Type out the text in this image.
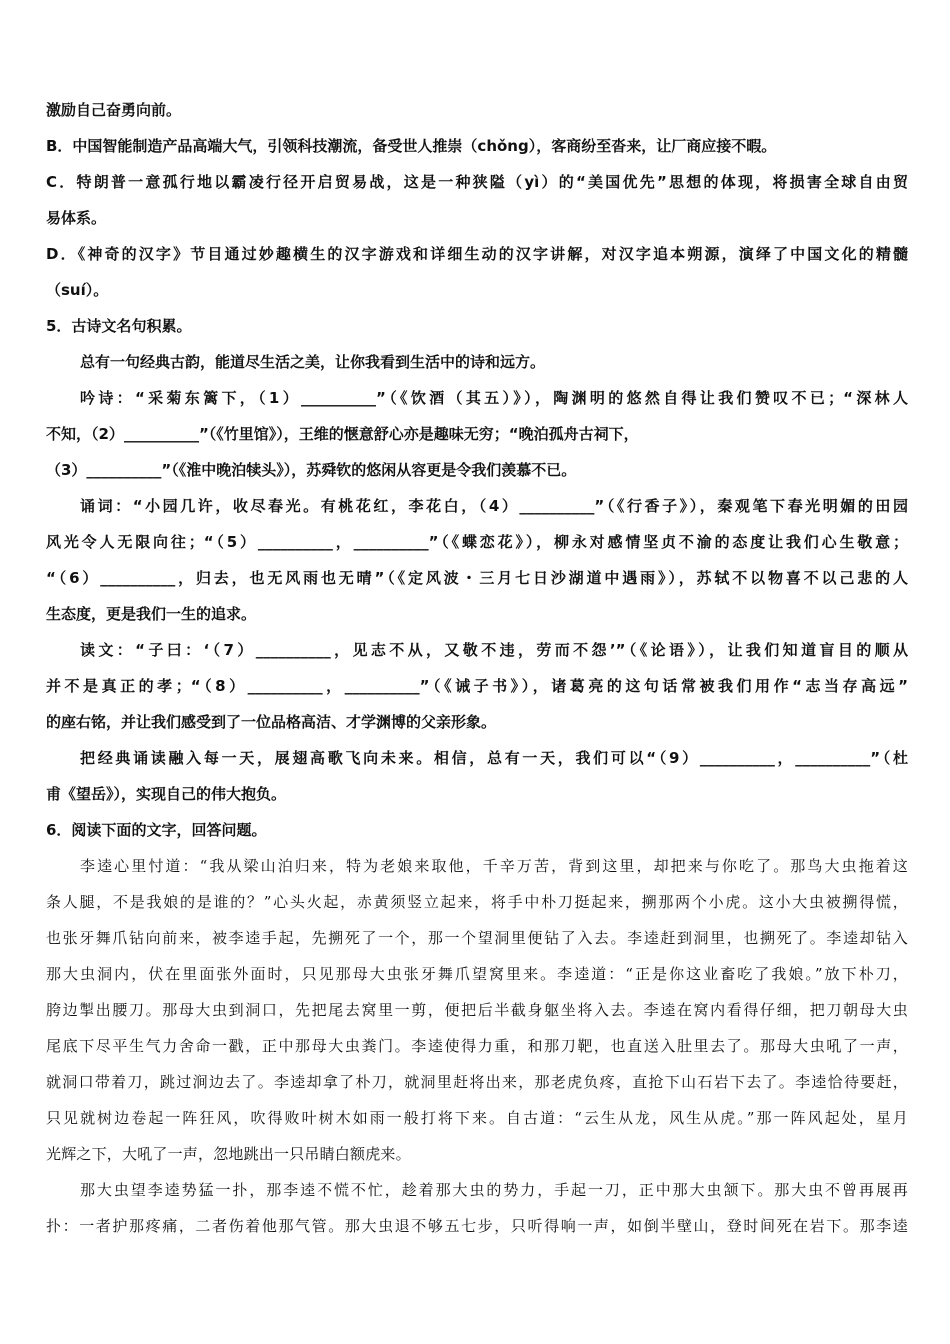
激励自己奋勇向前。
B．中国智能制造产品高端大气，引领科技潮流，备受世人推崇（chǒng），客商纷至沓来，让厂商应接不暇。
C．特朗普一意孤行地以霸凌行径开启贸易战，这是一种狭隘（yì）的“美国优先”思想的体现，将损害全球自由贸
易体系。
D．《神奇的汉字》节目通过妙趣横生的汉字游戏和详细生动的汉字讲解，对汉字追本朔源，演绎了中国文化的精髓
（suí）。
5．古诗文名句积累。
总有一句经典古韵，能道尽生活之美，让你我看到生活中的诗和远方。
吟诗：“采菊东篱下，（1）__________”（《饮酒（其五）》），陶渊明的悠然自得让我们赞叹不已；“深林人
不知，（2）__________”（《竹里馆》），王维的惬意舒心亦是趣味无穷；“晚泊孤舟古祠下，
（3）__________”（《淮中晚泊犊头》），苏舜钦的悠闲从容更是令我们羡慕不已。
诵词：“小园几许，收尽春光。有桃花红，李花白，（4）__________”（《行香子》），秦观笔下春光明媚的田园
风光令人无限向往；“（5）__________，__________”（《蝶恋花》），柳永对感情坚贞不渝的态度让我们心生敬意；
“（6）__________，归去，也无风雨也无晴”（《定风波・三月七日沙湖道中遇雨》），苏轼不以物喜不以己悲的人
生态度，更是我们一生的追求。
读文：“子曰：‘（7）__________，见志不从，又敬不违，劳而不怨’”（《论语》），让我们知道盲目的顺从
并不是真正的孝；“（8）__________，__________”（《诫子书》），诸葛亮的这句话常被我们用作“志当存高远”
的座右铭，并让我们感受到了一位品格高洁、才学渊博的父亲形象。
把经典诵读融入每一天，展翅高歌飞向未来。相信，总有一天，我们可以“（9）__________，__________”（杜
甫《望岳》），实现自己的伟大抱负。
6．阅读下面的文字，回答问题。
李逵心里忖道：“我从梁山泊归来，特为老娘来取他，千辛万苦，背到这里，却把来与你吃了。那鸟大虫拖着这
条人腿，不是我娘的是谁的？”心头火起，赤黄须竖立起来，将手中朴刀挺起来，搠那两个小虎。这小大虫被搠得慌，
也张牙舞爪钻向前来，被李逵手起，先搠死了一个，那一个望洞里便钻了入去。李逵赶到洞里，也搠死了。李逵却钻入
那大虫洞内，伏在里面张外面时，只见那母大虫张牙舞爪望窝里来。李逵道：“正是你这业畜吃了我娘。”放下朴刀，
胯边掣出腰刀。那母大虫到洞口，先把尾去窝里一剪，便把后半截身躯坐将入去。李逵在窝内看得仔细，把刀朝母大虫
尾底下尽平生气力舍命一戳，正中那母大虫粪门。李逵使得力重，和那刀靶，也直送入肚里去了。那母大虫吼了一声，
就洞口带着刀，跳过涧边去了。李逵却拿了朴刀，就洞里赶将出来，那老虎负疼，直抢下山石岩下去了。李逵恰待要赶，
只见就树边卷起一阵狂风，吹得败叶树木如雨一般打将下来。自古道：“云生从龙，风生从虎。”那一阵风起处，星月
光辉之下，大吼了一声，忽地跳出一只吊睛白额虎来。
那大虫望李逵势猛一扑，那李逵不慌不忙，趁着那大虫的势力，手起一刀，正中那大虫颔下。那大虫不曾再展再
扑：一者护那疼痛，二者伤着他那气管。那大虫退不够五七步，只听得响一声，如倒半壁山，登时间死在岩下。那李逵
